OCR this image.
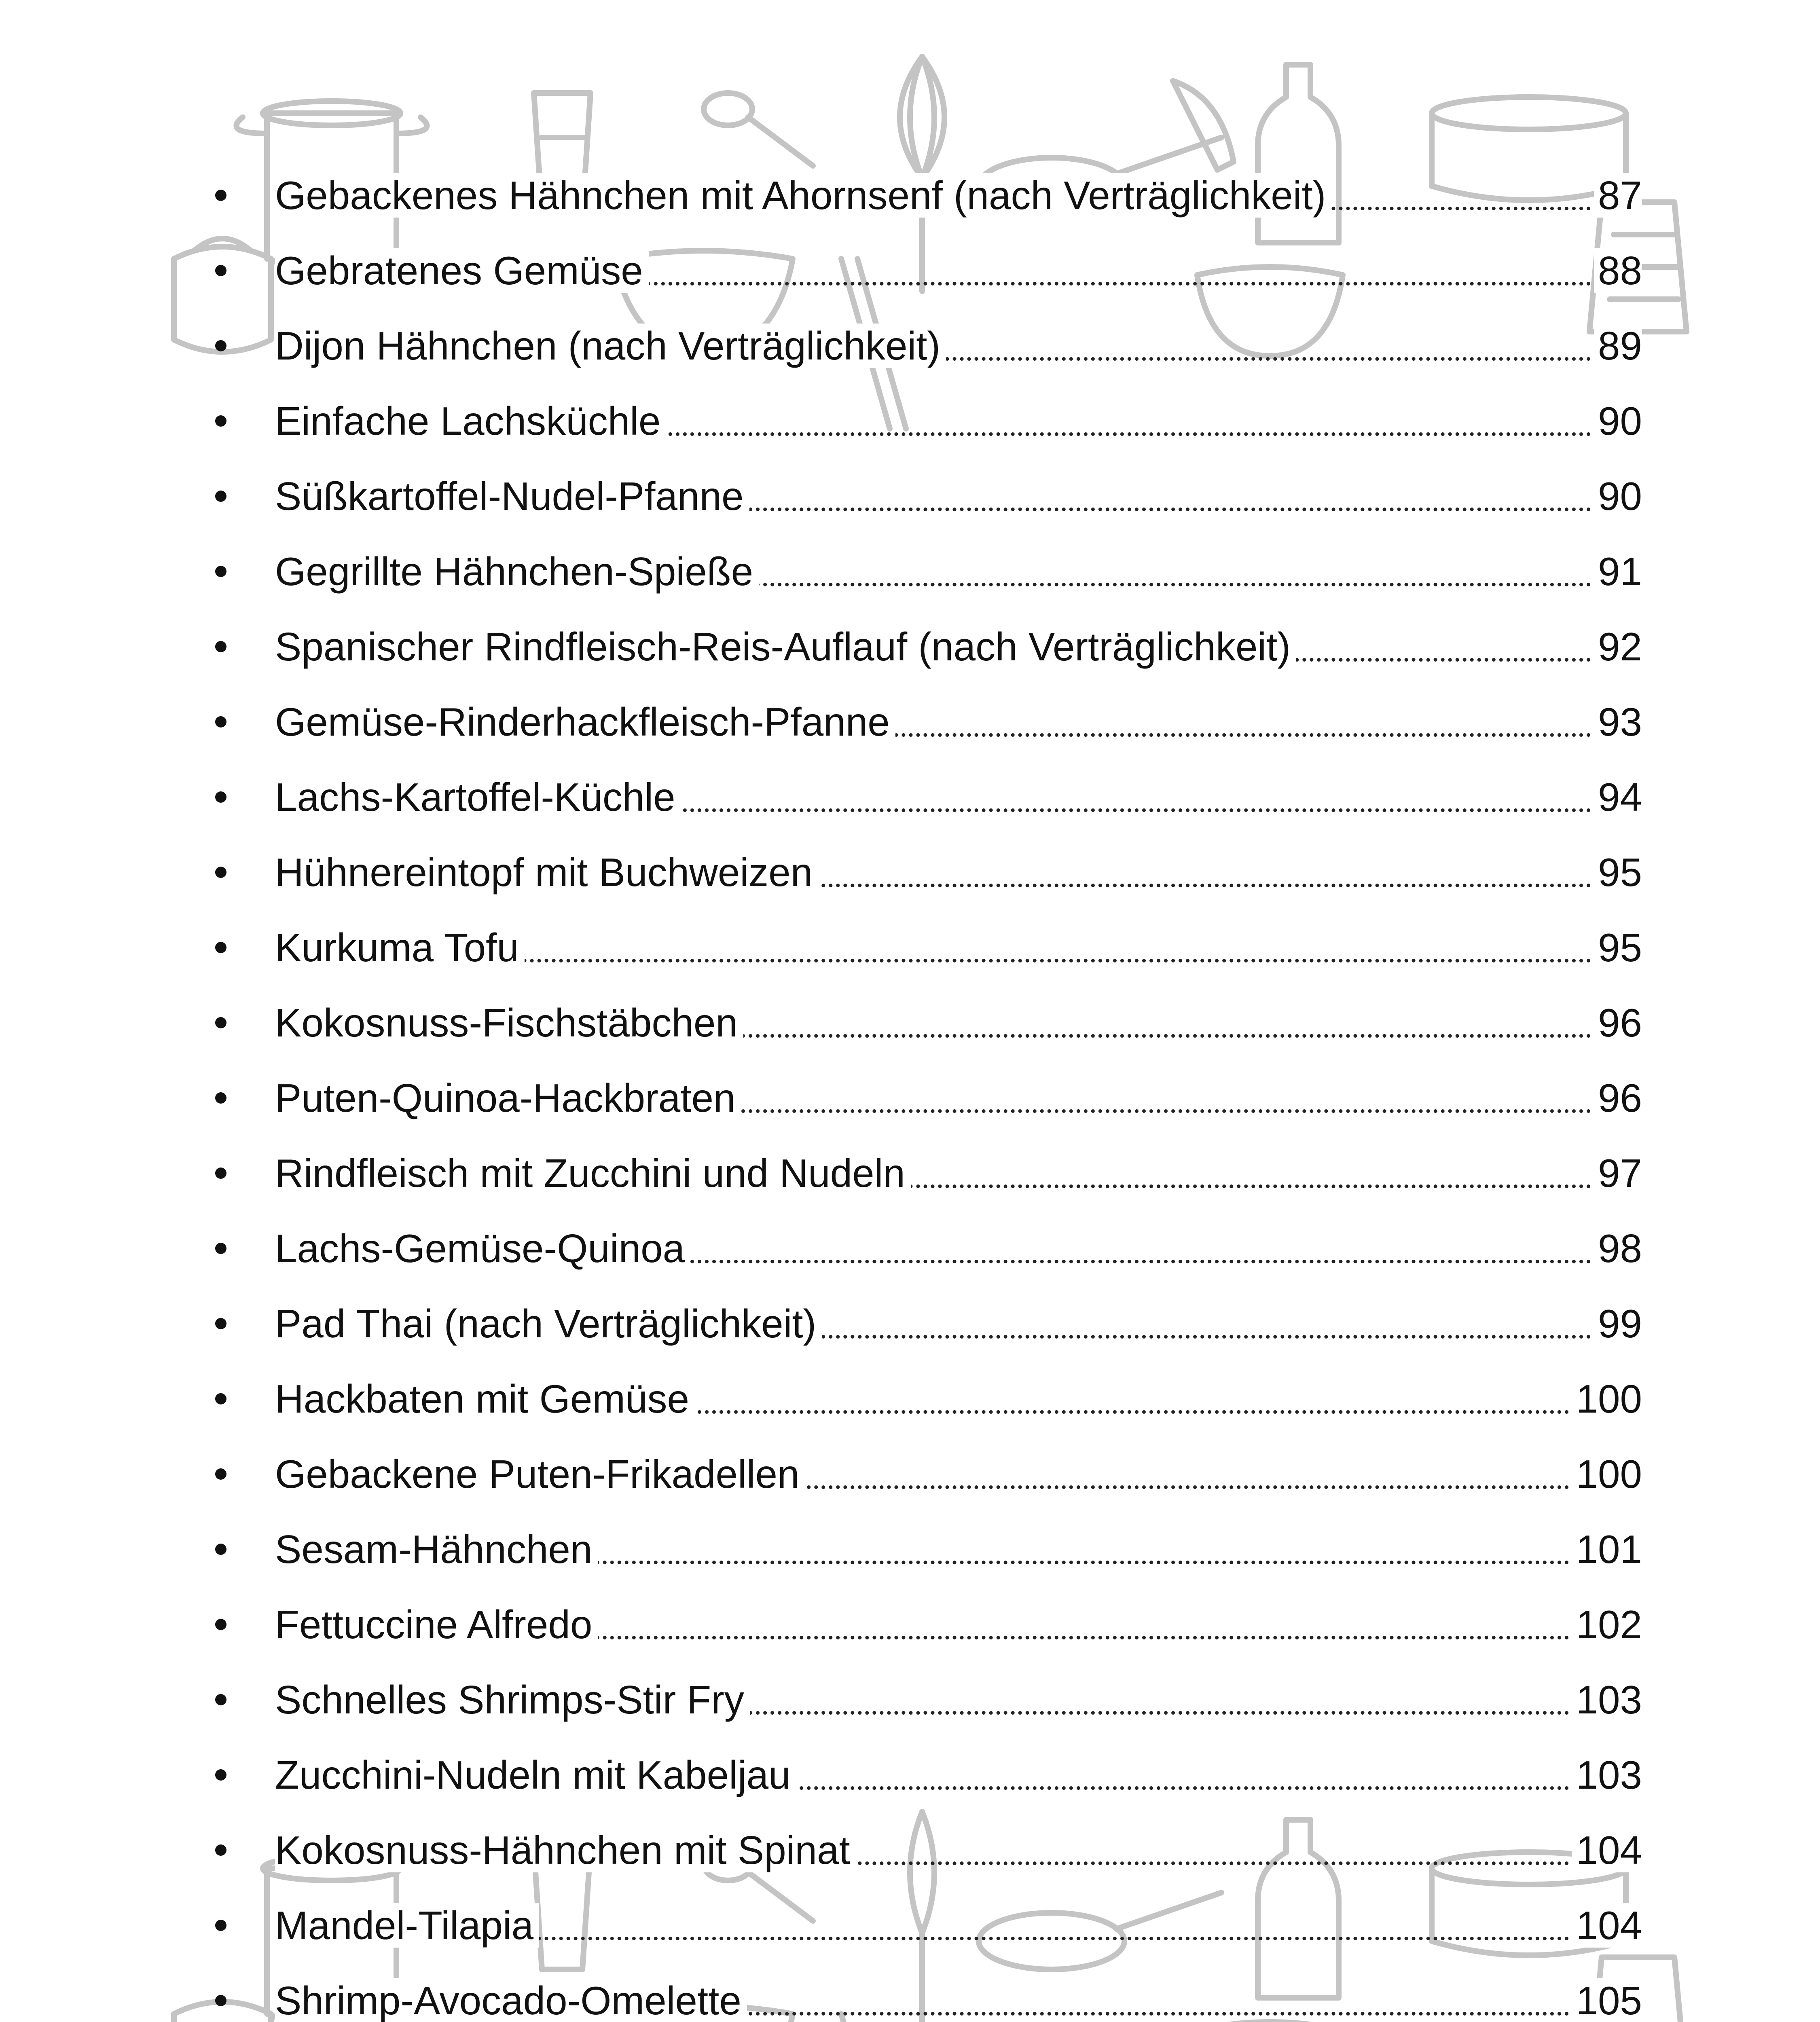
Gebackenes Hähnchen mit Ahornsenf (nach Verträglichkeit)	87
Gebratenes Gemüse	88
Dijon Hähnchen (nach Verträglichkeit)	89
Einfache Lachsküchle	90
Süßkartoffel-Nudel-Pfanne	90
Gegrillte Hähnchen-Spieße	91
Spanischer Rindfleisch-Reis-Auflauf (nach Verträglichkeit)	92
Gemüse-Rinderhackfleisch-Pfanne	93
Lachs-Kartoffel-Küchle	94
Hühnereintopf mit Buchweizen	95
Kurkuma Tofu	95
Kokosnuss-Fischstäbchen	96
Puten-Quinoa-Hackbraten	96
Rindfleisch mit Zucchini und Nudeln	97
Lachs-Gemüse-Quinoa	98
Pad Thai (nach Verträglichkeit)	99
Hackbaten mit Gemüse	100
Gebackene Puten-Frikadellen	100
Sesam-Hähnchen	101
Fettuccine Alfredo	102
Schnelles Shrimps-Stir Fry	103
Zucchini-Nudeln mit Kabeljau	103
Kokosnuss-Hähnchen mit Spinat	104
Mandel-Tilapia	104
Shrimp-Avocado-Omelette	105
